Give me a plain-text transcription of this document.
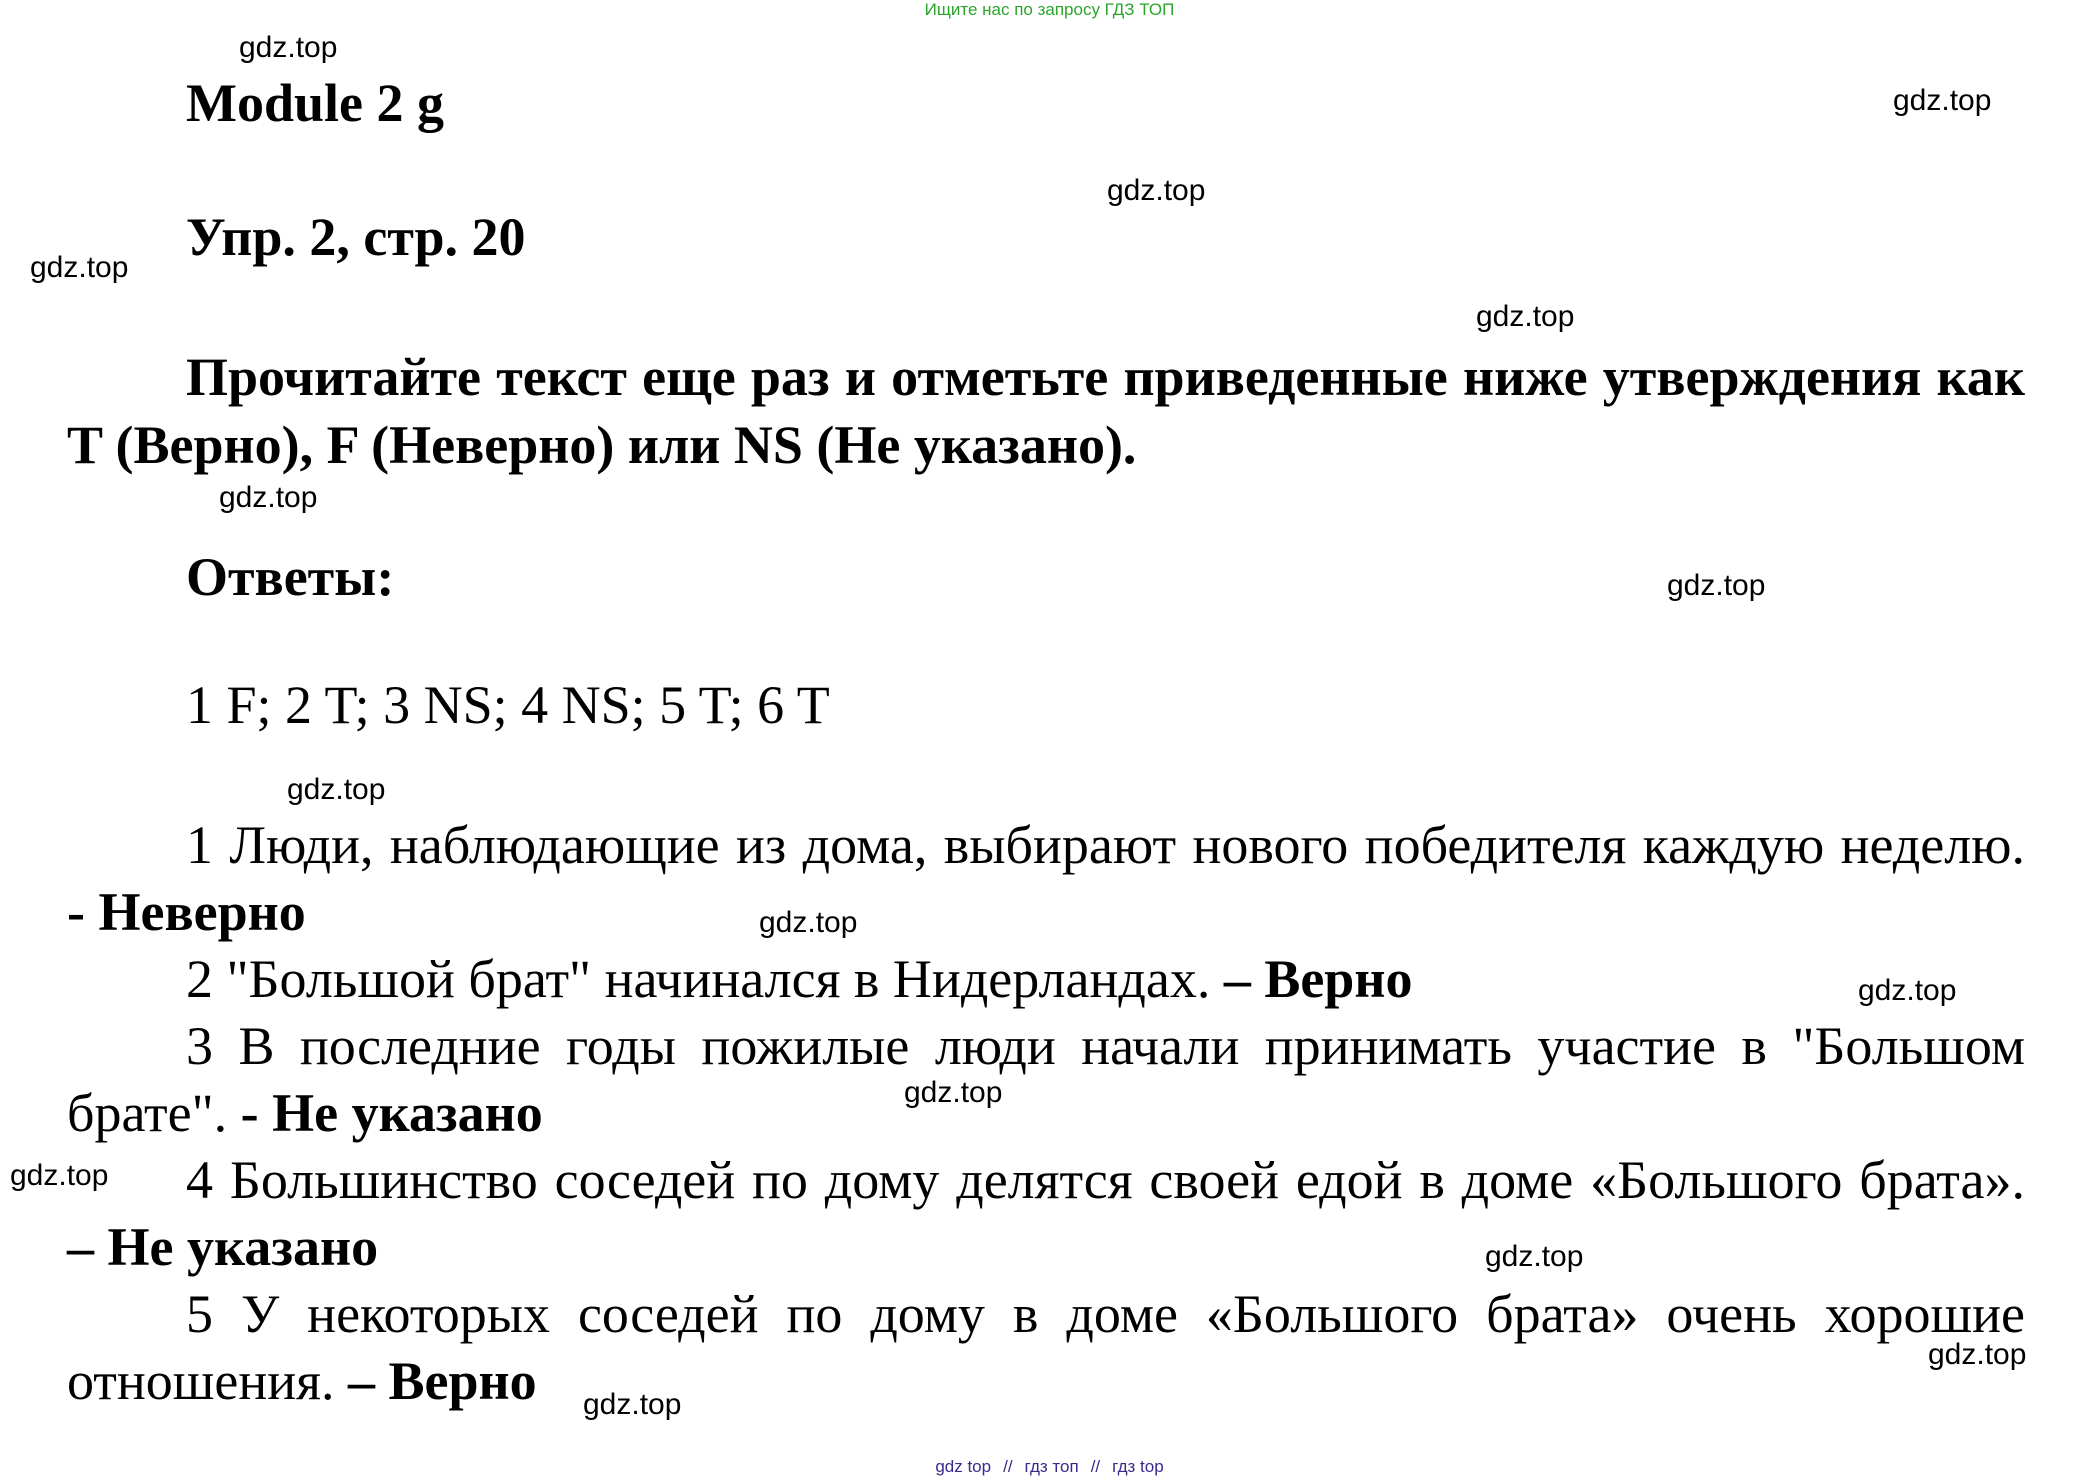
Ищите нас по запросу ГДЗ ТОП
Module 2 g
Упр. 2, стр. 20
Прочитайте текст еще раз и отметьте приведенные ниже утверждения как T (Верно), F (Неверно) или NS (Не указано).
Ответы:
1 F; 2 T; 3 NS; 4 NS; 5 T; 6 T
1 Люди, наблюдающие из дома, выбирают нового победителя каждую неделю. - Неверно
2 "Большой брат" начинался в Нидерландах. – Верно
3 В последние годы пожилые люди начали принимать участие в "Большом брате". - Не указано
4 Большинство соседей по дому делятся своей едой в доме «Большого брата». – Не указано
5 У некоторых соседей по дому в доме «Большого брата» очень хорошие отношения. – Верно
gdz.top
gdz.top
gdz.top
gdz.top
gdz.top
gdz.top
gdz.top
gdz.top
gdz.top
gdz.top
gdz.top
gdz.top
gdz.top
gdz.top
gdz.top
gdz top // гдз топ // гдз top
